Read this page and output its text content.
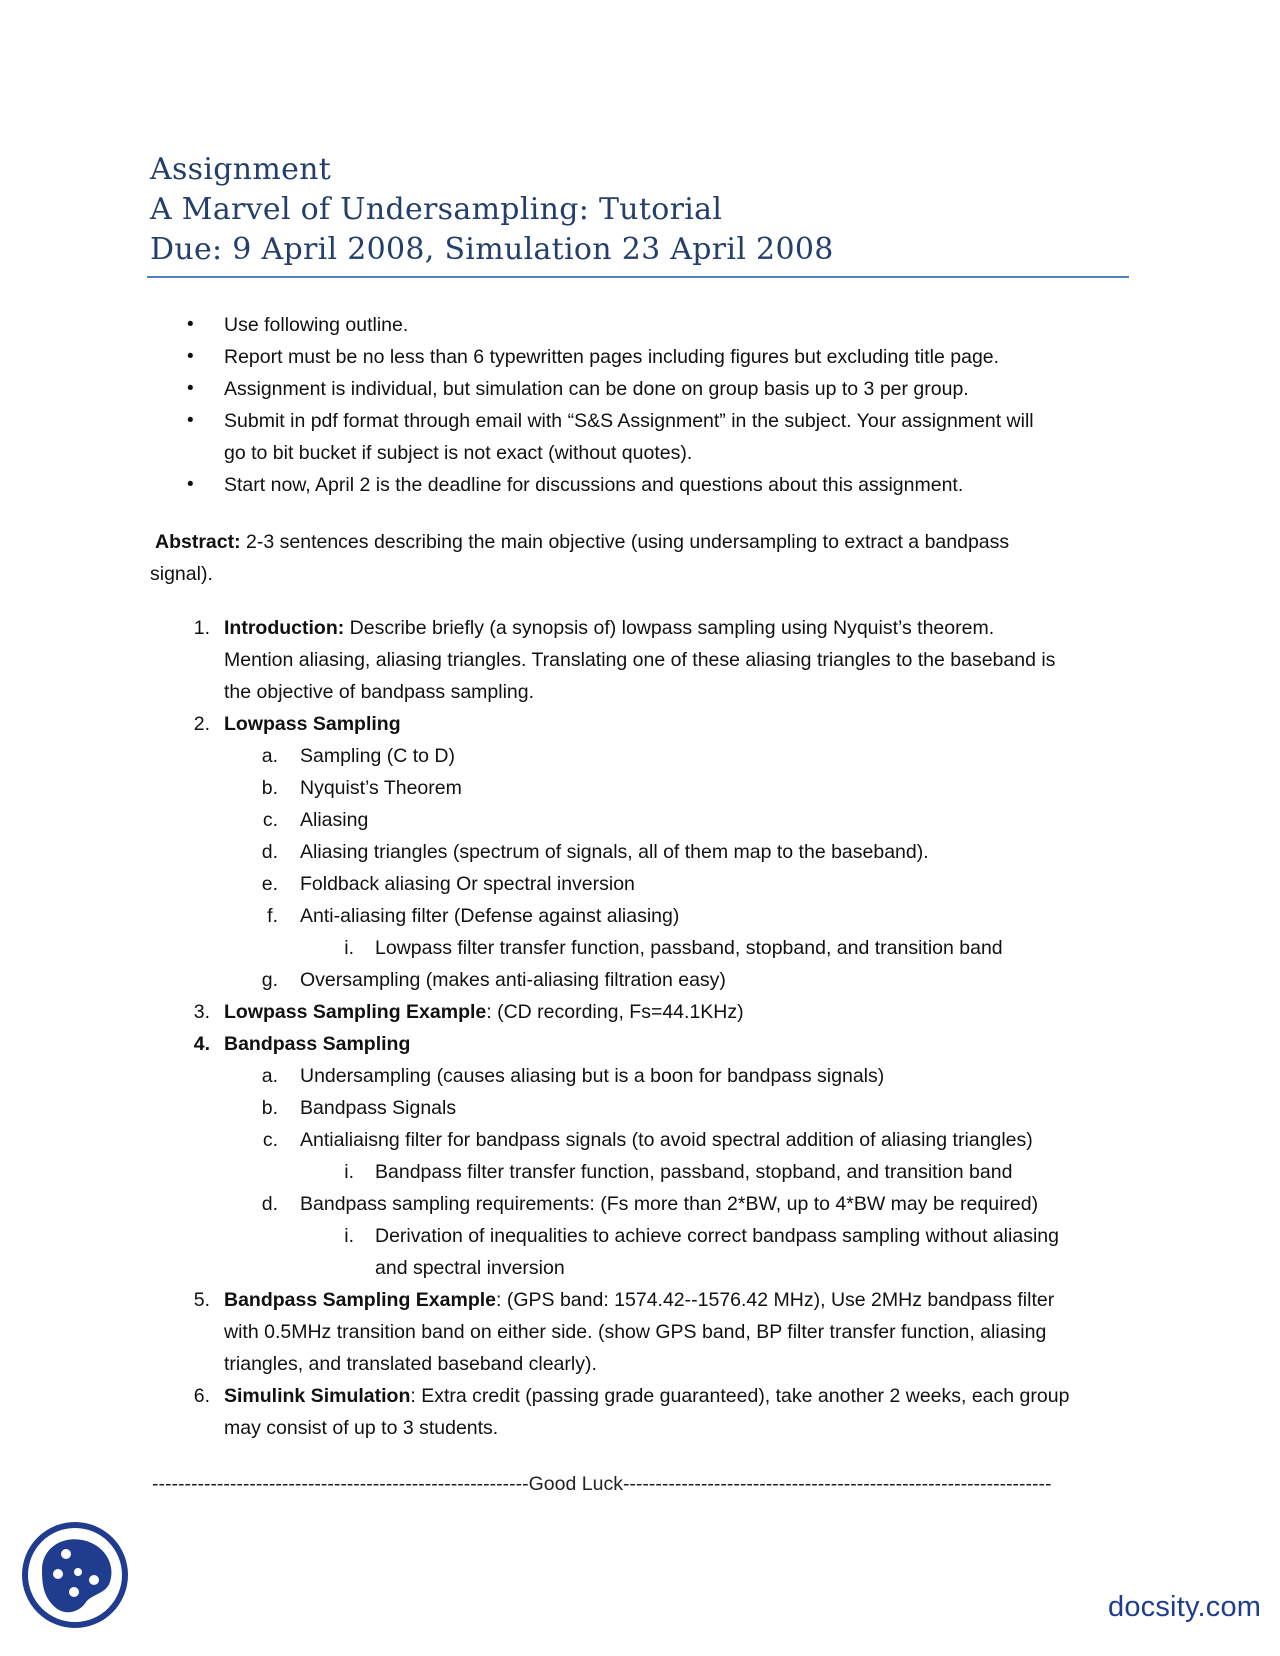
Assignment
A Marvel of Undersampling: Tutorial
Due: 9 April 2008, Simulation 23 April 2008
• Use following outline.
• Report must be no less than 6 typewritten pages including figures but excluding title page.
• Assignment is individual, but simulation can be done on group basis up to 3 per group.
• Submit in pdf format through email with “S&S Assignment” in the subject. Your assignment will
go to bit bucket if subject is not exact (without quotes).
• Start now, April 2 is the deadline for discussions and questions about this assignment.
Abstract: 2-3 sentences describing the main objective (using undersampling to extract a bandpass
signal).
1. Introduction: Describe briefly (a synopsis of) lowpass sampling using Nyquist’s theorem.
Mention aliasing, aliasing triangles. Translating one of these aliasing triangles to the baseband is
the objective of bandpass sampling.
2. Lowpass Sampling
a. Sampling (C to D)
b. Nyquist’s Theorem
c. Aliasing
d. Aliasing triangles (spectrum of signals, all of them map to the baseband).
e. Foldback aliasing Or spectral inversion
f. Anti-aliasing filter (Defense against aliasing)
i. Lowpass filter transfer function, passband, stopband, and transition band
g. Oversampling (makes anti-aliasing filtration easy)
3. Lowpass Sampling Example: (CD recording, Fs=44.1KHz)
4. Bandpass Sampling
a. Undersampling (causes aliasing but is a boon for bandpass signals)
b. Bandpass Signals
c. Antialiaisng filter for bandpass signals (to avoid spectral addition of aliasing triangles)
i. Bandpass filter transfer function, passband, stopband, and transition band
d. Bandpass sampling requirements: (Fs more than 2*BW, up to 4*BW may be required)
i. Derivation of inequalities to achieve correct bandpass sampling without aliasing
and spectral inversion
5. Bandpass Sampling Example: (GPS band: 1574.42--1576.42 MHz), Use 2MHz bandpass filter
with 0.5MHz transition band on either side. (show GPS band, BP filter transfer function, aliasing
triangles, and translated baseband clearly).
6. Simulink Simulation: Extra credit (passing grade guaranteed), take another 2 weeks, each group
may consist of up to 3 students.
----------------------------------------------------------Good Luck------------------------------------------------------------------
docsity.com
